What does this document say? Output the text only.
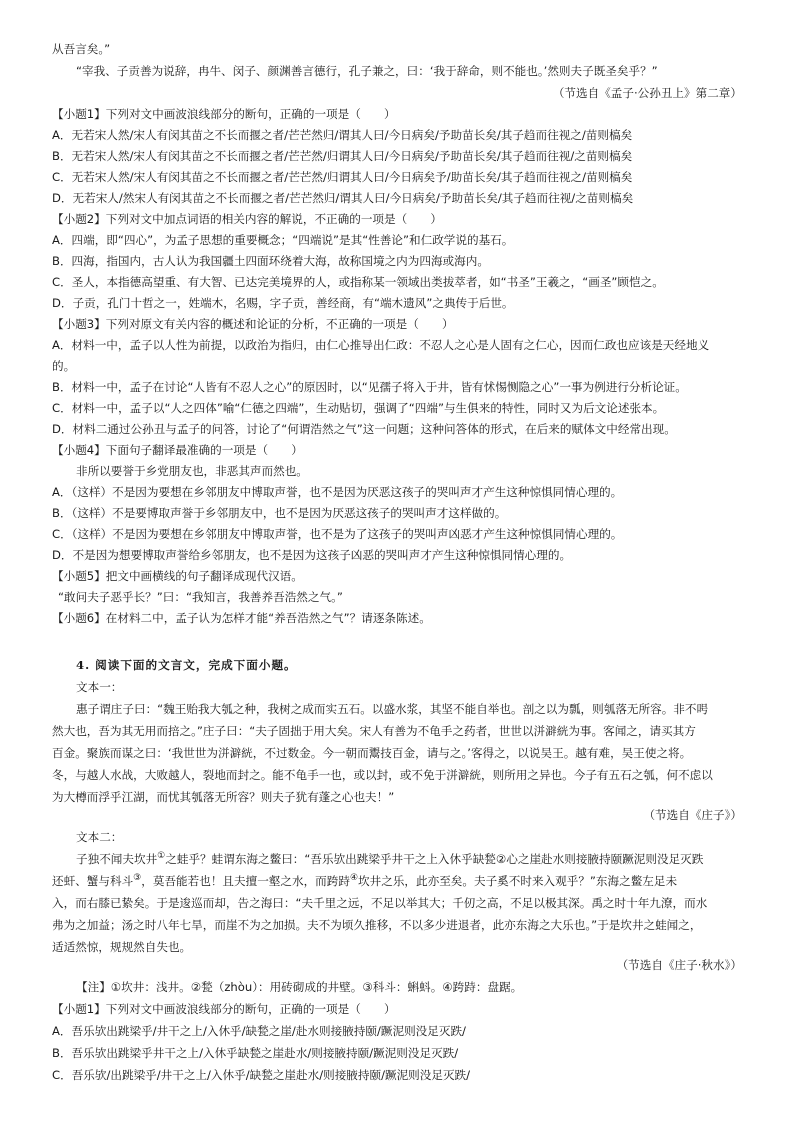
从吾言矣。”
“宰我、子贡善为说辞，冉牛、闵子、颜渊善言德行，孔子兼之，曰：‘我于辞命，则不能也。’然则夫子既圣矣乎？”
（节选自《孟子·公孙丑上》第二章）
【小题1】下列对文中画波浪线部分的断句，正确的一项是（　　）
A．无若宋人然/宋人有闵其苗之不长而揠之者/芒芒然归/谓其人曰/今日病矣/予助苗长矣/其子趋而往视之/苗则槁矣
B．无若宋人然/宋人有闵其苗之不长而揠之者/芒芒然/归谓其人曰/今日病矣/予助苗长矣/其子趋而往视/之苗则槁矣
C．无若宋人然/宋人有闵其苗之不长而揠之者/芒芒然/归谓其人曰/今日病矣予/助苗长矣/其子趋而往视之/苗则槁矣
D．无若宋人/然宋人有闵其苗之不长而揠之者/芒芒然归/谓其人曰/今日病矣/予助苗长矣/其子趋而往视/之苗则槁矣
【小题2】下列对文中加点词语的相关内容的解说，不正确的一项是（　　）
A．四端，即“四心”，为孟子思想的重要概念；“四端说”是其“性善论”和仁政学说的基石。
B．四海，指国内，古人认为我国疆土四面环绕着大海，故称国境之内为四海或海内。
C．圣人，本指德高望重、有大智、已达完美境界的人，或指称某一领域出类拔萃者，如“书圣”王羲之，“画圣”顾恺之。
D．子贡，孔门十哲之一，姓端木，名赐，字子贡，善经商，有“端木遗风”之典传于后世。
【小题3】下列对原文有关内容的概述和论证的分析，不正确的一项是（　　）
A．材料一中，孟子以人性为前提，以政治为指归，由仁心推导出仁政：不忍人之心是人固有之仁心，因而仁政也应该是天经地义
的。
B．材料一中，孟子在讨论“人皆有不忍人之心”的原因时，以“见孺子将入于井，皆有怵惕恻隐之心”一事为例进行分析论证。
C．材料一中，孟子以“人之四体”喻“仁德之四端”，生动贴切，强调了“四端”与生俱来的特性，同时又为后文论述张本。
D．材料二通过公孙丑与孟子的问答，讨论了“何谓浩然之气”这一问题；这种问答体的形式，在后来的赋体文中经常出现。
【小题4】下面句子翻译最准确的一项是（　　）
非所以要誉于乡党朋友也，非恶其声而然也。
A．（这样）不是因为要想在乡邻朋友中博取声誉，也不是因为厌恶这孩子的哭叫声才产生这种惊惧同情心理的。
B．（这样）不是要博取声誉于乡邻朋友中，也不是因为厌恶这孩子的哭叫声才这样做的。
C．（这样）不是因为要想在乡邻朋友中博取声誉，也不是为了这孩子的哭叫声凶恶才产生这种惊惧同情心理的。
D．不是因为想要博取声誉给乡邻朋友，也不是因为这孩子凶恶的哭叫声才产生这种惊惧同情心理的。
【小题5】把文中画横线的句子翻译成现代汉语。
“敢问夫子恶乎长？”曰：“我知言，我善养吾浩然之气。”
【小题6】在材料二中，孟子认为怎样才能“养吾浩然之气”？请逐条陈述。
4. 阅读下面的文言文，完成下面小题。
文本一：
惠子谓庄子曰：“魏王贻我大瓠之种，我树之成而实五石。以盛水浆，其坚不能自举也。剖之以为瓢，则瓠落无所容。非不呺
然大也，吾为其无用而掊之。”庄子曰：“夫子固拙于用大矣。宋人有善为不龟手之药者，世世以洴澼絖为事。客闻之，请买其方
百金。聚族而谋之曰：‘我世世为洴澼絖，不过数金。今一朝而鬻技百金，请与之。’客得之，以说吴王。越有难，吴王使之将。
冬，与越人水战，大败越人，裂地而封之。能不龟手一也，或以封，或不免于洴澼絖，则所用之异也。今子有五石之瓠，何不虑以
为大樽而浮乎江湖，而忧其瓠落无所容？则夫子犹有蓬之心也夫！”
（节选自《庄子》）
文本二：
子独不闻夫坎井①之蛙乎？蛙谓东海之鳖曰：“吾乐欤出跳梁乎井干之上入休乎缺甃②心之崖赴水则接腋持颐蹶泥则没足灭跌
还虷、蟹与科斗③，莫吾能若也！且夫擅一壑之水，而跨跱④坎井之乐，此亦至矣。夫子奚不时来入观乎？”东海之鳖左足未
入，而右膝已絷矣。于是逡巡而却，告之海曰：“夫千里之远，不足以举其大；千仞之高，不足以极其深。禹之时十年九潦，而水
弗为之加益；汤之时八年七旱，而崖不为之加损。夫不为顷久推移，不以多少进退者，此亦东海之大乐也。”于是坎井之蛙闻之，
适适然惊，规规然自失也。
（节选自《庄子·秋水》）
【注】①坎井：浅井。②甃（zhòu）：用砖砌成的井壁。③科斗：蝌蚪。④跨跱：盘踞。
【小题1】下列对文中画波浪线部分的断句，正确的一项是（　　）
A．吾乐欤出跳梁乎/井干之上/入休乎/缺甃之崖/赴水则接腋持颐/蹶泥则没足灭跌/
B．吾乐欤出跳梁乎井干之上/入休乎缺甃之崖赴水/则接腋持颐/蹶泥则没足灭跌/
C．吾乐欤/出跳梁乎/井干之上/入休乎/缺甃之崖赴水/则接腋持颐/蹶泥则没足灭跌/
